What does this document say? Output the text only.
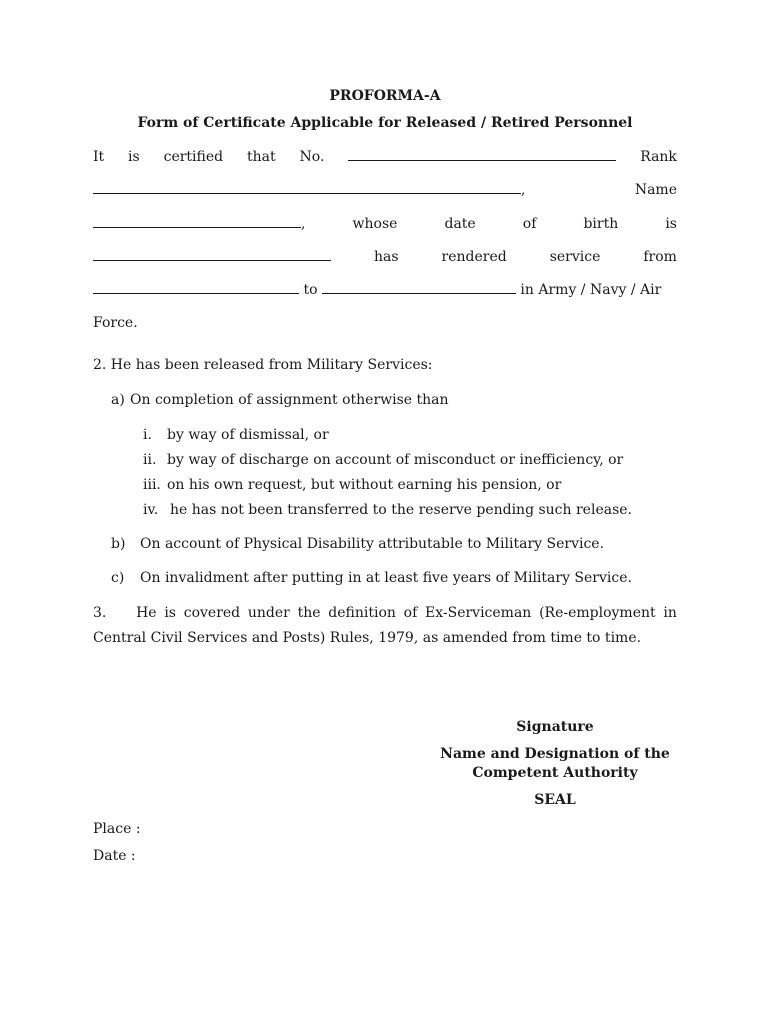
PROFORMA-A
Form of Certificate Applicable for Released / Retired Personnel
It is certified that No.	Rank
,	Name
,	whose	date	of	birth	is
has	rendered	service	from
to	in Army / Navy / Air
Force.
2. He has been released from Military Services:
a) On completion of assignment otherwise than
i. by way of dismissal, or
ii. by way of discharge on account of misconduct or inefficiency, or
iii. on his own request, but without earning his pension, or
iv. he has not been transferred to the reserve pending such release.
b) On account of Physical Disability attributable to Military Service.
c) On invalidment after putting in at least five years of Military Service.
3. He is covered under the definition of Ex-Serviceman (Re-employment in
Central Civil Services and Posts) Rules, 1979, as amended from time to time.
Signature
Name and Designation of the
Competent Authority
SEAL
Place :
Date :
